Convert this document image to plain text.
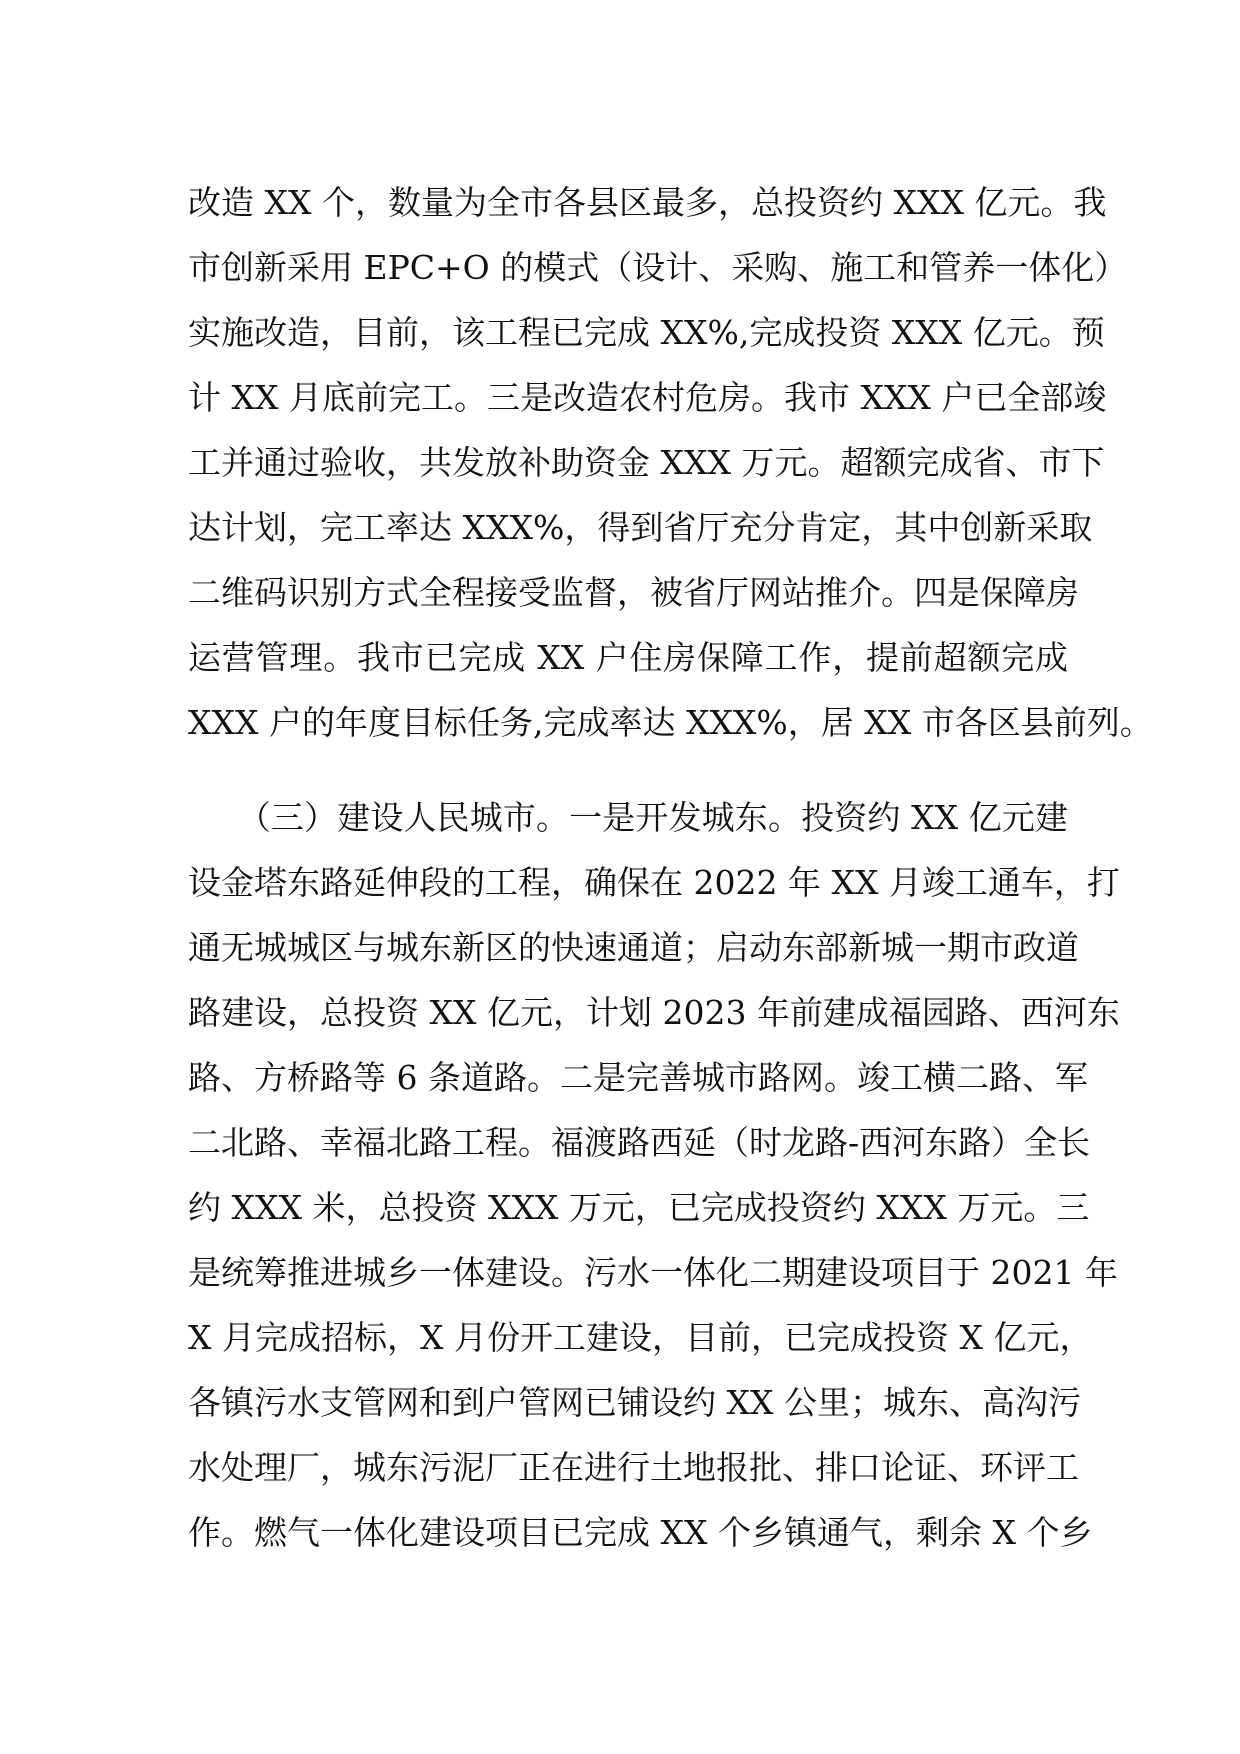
改造 XX 个，数量为全市各县区最多，总投资约 XXX 亿元。我
市创新采用 EPC+O 的模式（设计、采购、施工和管养一体化）
实施改造，目前，该工程已完成 XX%,完成投资 XXX 亿元。预
计 XX 月底前完工。三是改造农村危房。我市 XXX 户已全部竣
工并通过验收，共发放补助资金 XXX 万元。超额完成省、市下
达计划，完工率达 XXX%，得到省厅充分肯定，其中创新采取
二维码识别方式全程接受监督，被省厅网站推介。四是保障房
运营管理。我市已完成 XX 户住房保障工作，提前超额完成
XXX 户的年度目标任务,完成率达 XXX%，居 XX 市各区县前列。
　　（三）建设人民城市。一是开发城东。投资约 XX 亿元建
设金塔东路延伸段的工程，确保在 2022 年 XX 月竣工通车，打
通无城城区与城东新区的快速通道；启动东部新城一期市政道
路建设，总投资 XX 亿元，计划 2023 年前建成福园路、西河东
路、方桥路等 6 条道路。二是完善城市路网。竣工横二路、军
二北路、幸福北路工程。福渡路西延（时龙路-西河东路）全长
约 XXX 米，总投资 XXX 万元，已完成投资约 XXX 万元。三
是统筹推进城乡一体建设。污水一体化二期建设项目于 2021 年
X 月完成招标，X 月份开工建设，目前，已完成投资 X 亿元，
各镇污水支管网和到户管网已铺设约 XX 公里；城东、高沟污
水处理厂，城东污泥厂正在进行土地报批、排口论证、环评工
作。燃气一体化建设项目已完成 XX 个乡镇通气，剩余 X 个乡
